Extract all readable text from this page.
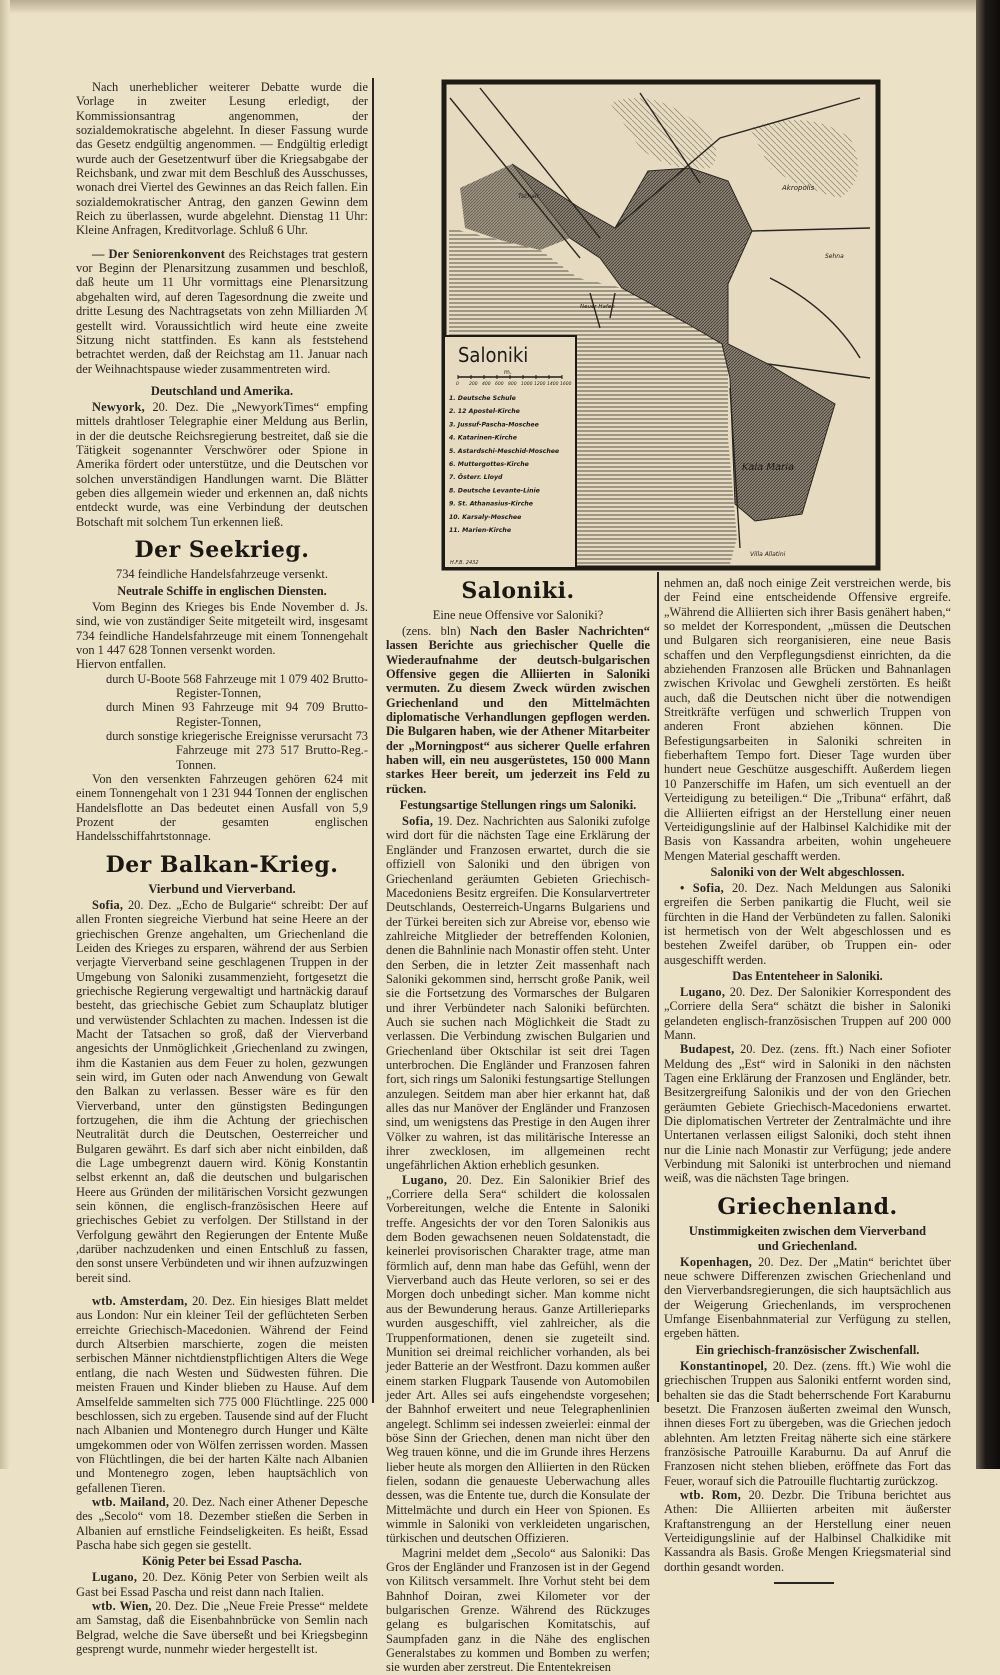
Nach unerheblicher weiterer Debatte wurde die Vorlage in zweiter Lesung erledigt, der Kommissionsantrag angenommen, der sozialdemokratische abgelehnt. In dieser Fassung wurde das Gesetz endgültig angenommen. — Endgültig erledigt wurde auch der Gesetzentwurf über die Kriegsabgabe der Reichsbank, und zwar mit dem Beschluß des Ausschusses, wonach drei Viertel des Gewinnes an das Reich fallen. Ein sozialdemokratischer Antrag, den ganzen Gewinn dem Reich zu überlassen, wurde abgelehnt. Dienstag 11 Uhr: Kleine Anfragen, Kreditvorlage. Schluß 6 Uhr.

— Der Seniorenkonvent des Reichstages trat gestern vor Beginn der Plenarsitzung zusammen und beschloß, daß heute um 11 Uhr vormittags eine Plenarsitzung abgehalten wird, auf deren Tagesordnung die zweite und dritte Lesung des Nachtragsetats von zehn Milliarden ℳ gestellt wird. Voraussichtlich wird heute eine zweite Sitzung nicht stattfinden. Es kann als feststehend betrachtet werden, daß der Reichstag am 11. Januar nach der Weihnachtspause wieder zusammentreten wird.

Deutschland und Amerika.

Newyork, 20. Dez. Die „NewyorkTimes“ empfing mittels drahtloser Telegraphie einer Meldung aus Berlin, in der die deutsche Reichsregierung bestreitet, daß sie die Tätigkeit sogenannter Verschwörer oder Spione in Amerika fördert oder unterstütze, und die Deutschen vor solchen unverständigen Handlungen warnt. Die Blätter geben dies allgemein wieder und erkennen an, daß nichts entdeckt wurde, was eine Verbindung der deutschen Botschaft mit solchem Tun erkennen ließ.

Der Seekrieg.
734 feindliche Handelsfahrzeuge versenkt.
Neutrale Schiffe in englischen Diensten.

Vom Beginn des Krieges bis Ende November d. Js. sind, wie von zuständiger Seite mitgeteilt wird, insgesamt 734 feindliche Handelsfahrzeuge mit einem Tonnengehalt von 1 447 628 Tonnen versenkt worden.

Hiervon entfallen.

durch U-Boote 568 Fahrzeuge mit 1 079 402 Brutto-Register-Tonnen,

durch Minen 93 Fahrzeuge mit 94 709 Brutto-Register-Tonnen,

durch sonstige kriegerische Ereignisse verursacht 73 Fahrzeuge mit 273 517 Brutto-Reg.-Tonnen.

Von den versenkten Fahrzeugen gehören 624 mit einem Tonnengehalt von 1 231 944 Tonnen der englischen Handelsflotte an Das bedeutet einen Ausfall von 5,9 Prozent der gesamten englischen Handelsschiffahrtstonnage.

Der Balkan-Krieg.
Vierbund und Vierverband.

Sofia, 20. Dez. „Echo de Bulgarie“ schreibt: Der auf allen Fronten siegreiche Vierbund hat seine Heere an der griechischen Grenze angehalten, um Griechenland die Leiden des Krieges zu ersparen, während der aus Serbien verjagte Vierverband seine geschlagenen Truppen in der Umgebung von Saloniki zusammenzieht, fortgesetzt die griechische Regierung vergewaltigt und hartnäckig darauf besteht, das griechische Gebiet zum Schauplatz blutiger und verwüstender Schlachten zu machen. Indessen ist die Macht der Tatsachen so groß, daß der Vierverband angesichts der Unmöglichkeit ,Griechenland zu zwingen, ihm die Kastanien aus dem Feuer zu holen, gezwungen sein wird, im Guten oder nach Anwendung von Gewalt den Balkan zu verlassen. Besser wäre es für den Vierverband, unter den günstigsten Bedingungen fortzugehen, die ihm die Achtung der griechischen Neutralität durch die Deutschen, Oesterreicher und Bulgaren gewährt. Es darf sich aber nicht einbilden, daß die Lage umbegrenzt dauern wird. König Konstantin selbst erkennt an, daß die deutschen und bulgarischen Heere aus Gründen der militärischen Vorsicht gezwungen sein können, die englisch-französischen Heere auf griechisches Gebiet zu verfolgen. Der Stillstand in der Verfolgung gewährt den Regierungen der Entente Muße ,darüber nachzudenken und einen Entschluß zu fassen, den sonst unsere Verbündeten und wir ihnen aufzuzwingen bereit sind.

wtb. Amsterdam, 20. Dez. Ein hiesiges Blatt meldet aus London: Nur ein kleiner Teil der geflüchteten Serben erreichte Griechisch-Macedonien. Während der Feind durch Altserbien marschierte, zogen die meisten serbischen Männer nichtdienstpflichtigen Alters die Wege entlang, die nach Westen und Südwesten führen. Die meisten Frauen und Kinder blieben zu Hause. Auf dem Amselfelde sammelten sich 775 000 Flüchtlinge. 225 000 beschlossen, sich zu ergeben. Tausende sind auf der Flucht nach Albanien und Montenegro durch Hunger und Kälte umgekommen oder von Wölfen zerrissen worden. Massen von Flüchtlingen, die bei der harten Kälte nach Albanien und Montenegro zogen, leben hauptsächlich von gefallenen Tieren.

wtb. Mailand, 20. Dez. Nach einer Athener Depesche des „Secolo“ vom 18. Dezember stießen die Serben in Albanien auf ernstliche Feindseligkeiten. Es heißt, Essad Pascha habe sich gegen sie gestellt.

König Peter bei Essad Pascha.

Lugano, 20. Dez. König Peter von Serbien weilt als Gast bei Essad Pascha und reist dann nach Italien.

wtb. Wien, 20. Dez. Die „Neue Freie Presse“ meldete am Samstag, daß die Eisenbahnbrücke von Semlin nach Belgrad, welche die Save überseßt und bei Kriegsbeginn gesprengt wurde, nunmehr wieder hergestellt ist.

Saloniki
m.
0 200 400 600 800 1000 1200 1400 1600
1. Deutsche Schule
2. 12 Apostel-Kirche
3. Jussuf-Pascha-Moschee
4. Katarinen-Kirche
5. Astardschi-Meschid-Moschee
6. Muttergottes-Kirche
7. Österr. Lloyd
8. Deutsche Levante-Linie
9. St. Athanasius-Kirche
10. Karsaly-Moschee
11. Marien-Kirche
Kala Maria
Akropolis
Sehna
Villa Allatini
Neuer Hafen
Tschair
H.F.B. 2432
Saloniki.
Eine neue Offensive vor Saloniki?

(zens. bln) Nach den Basler Nachrichten“ lassen Berichte aus griechischer Quelle die Wiederaufnahme der deutsch-bulgarischen Offensive gegen die Alliierten in Saloniki vermuten. Zu diesem Zweck würden zwischen Griechenland und den Mittelmächten diplomatische Verhandlungen gepflogen werden. Die Bulgaren haben, wie der Athener Mitarbeiter der „Morningpost“ aus sicherer Quelle erfahren haben will, ein neu ausgerüstetes, 150 000 Mann starkes Heer bereit, um jederzeit ins Feld zu rücken.

Festungsartige Stellungen rings um Saloniki.

Sofia, 19. Dez. Nachrichten aus Saloniki zufolge wird dort für die nächsten Tage eine Erklärung der Engländer und Franzosen erwartet, durch die sie offiziell von Saloniki und den übrigen von Griechenland geräumten Gebieten Griechisch-Macedoniens Besitz ergreifen. Die Konsularvertreter Deutschlands, Oesterreich-Ungarns Bulgariens und der Türkei bereiten sich zur Abreise vor, ebenso wie zahlreiche Mitglieder der betreffenden Kolonien, denen die Bahnlinie nach Monastir offen steht. Unter den Serben, die in letzter Zeit massenhaft nach Saloniki gekommen sind, herrscht große Panik, weil sie die Fortsetzung des Vormarsches der Bulgaren und ihrer Verbündeter nach Saloniki befürchten. Auch sie suchen nach Möglichkeit die Stadt zu verlassen. Die Verbindung zwischen Bulgarien und Griechenland über Oktschilar ist seit drei Tagen unterbrochen. Die Engländer und Franzosen fahren fort, sich rings um Saloniki festungsartige Stellungen anzulegen. Seitdem man aber hier erkannt hat, daß alles das nur Manöver der Engländer und Franzosen sind, um wenigstens das Prestige in den Augen ihrer Völker zu wahren, ist das militärische Interesse an ihrer zwecklosen, im allgemeinen recht ungefährlichen Aktion erheblich gesunken.

Lugano, 20. Dez. Ein Salonikier Brief des „Corriere della Sera“ schildert die kolossalen Vorbereitungen, welche die Entente in Saloniki treffe. Angesichts der vor den Toren Salonikis aus dem Boden gewachsenen neuen Soldatenstadt, die keinerlei provisorischen Charakter trage, atme man förmlich auf, denn man habe das Gefühl, wenn der Vierverband auch das Heute verloren, so sei er des Morgen doch unbedingt sicher. Man komme nicht aus der Bewunderung heraus. Ganze Artillerieparks wurden ausgeschifft, viel zahlreicher, als die Truppenformationen, denen sie zugeteilt sind. Munition sei dreimal reichlicher vorhanden, als bei jeder Batterie an der Westfront. Dazu kommen außer einem starken Flugpark Tausende von Automobilen jeder Art. Alles sei aufs eingehendste vorgesehen; der Bahnhof erweitert und neue Telegraphenlinien angelegt. Schlimm sei indessen zweierlei: einmal der böse Sinn der Griechen, denen man nicht über den Weg trauen könne, und die im Grunde ihres Herzens lieber heute als morgen den Alliierten in den Rücken fielen, sodann die genaueste Ueberwachung alles dessen, was die Entente tue, durch die Konsulate der Mittelmächte und durch ein Heer von Spionen. Es wimmle in Saloniki von verkleideten ungarischen, türkischen und deutschen Offizieren.

Magrini meldet dem „Secolo“ aus Saloniki: Das Gros der Engländer und Franzosen ist in der Gegend von Kilitsch versammelt. Ihre Vorhut steht bei dem Bahnhof Doiran, zwei Kilometer vor der bulgarischen Grenze. Während des Rückzuges gelang es bulgarischen Komitatschis, auf Saumpfaden ganz in die Nähe des englischen Generalstabes zu kommen und Bomben zu werfen; sie wurden aber zerstreut. Die Ententekreisen

nehmen an, daß noch einige Zeit verstreichen werde, bis der Feind eine entscheidende Offensive ergreife. „Während die Alliierten sich ihrer Basis genähert haben,“ so meldet der Korrespondent, „müssen die Deutschen und Bulgaren sich reorganisieren, eine neue Basis schaffen und den Verpflegungsdienst einrichten, da die abziehenden Franzosen alle Brücken und Bahnanlagen zwischen Krivolac und Gewgheli zerstörten. Es heißt auch, daß die Deutschen nicht über die notwendigen Streitkräfte verfügen und schwerlich Truppen von anderen Front abziehen können. Die Befestigungsarbeiten in Saloniki schreiten in fieberhaftem Tempo fort. Dieser Tage wurden über hundert neue Geschütze ausgeschifft. Außerdem liegen 10 Panzerschiffe im Hafen, um sich eventuell an der Verteidigung zu beteiligen.“ Die „Tribuna“ erfährt, daß die Alliierten eifrigst an der Herstellung einer neuen Verteidigungslinie auf der Halbinsel Kalchidike mit der Basis von Kassandra arbeiten, wohin ungeheuere Mengen Material geschafft werden.

Saloniki von der Welt abgeschlossen.

• Sofia, 20. Dez. Nach Meldungen aus Saloniki ergreifen die Serben panikartig die Flucht, weil sie fürchten in die Hand der Verbündeten zu fallen. Saloniki ist hermetisch von der Welt abgeschlossen und es bestehen Zweifel darüber, ob Truppen ein- oder ausgeschifft werden.

Das Ententeheer in Saloniki.

Lugano, 20. Dez. Der Salonikier Korrespondent des „Corriere della Sera“ schätzt die bisher in Saloniki gelandeten englisch-französischen Truppen auf 200 000 Mann.

Budapest, 20. Dez. (zens. fft.) Nach einer Sofioter Meldung des „Est“ wird in Saloniki in den nächsten Tagen eine Erklärung der Franzosen und Engländer, betr. Besitzergreifung Salonikis und der von den Griechen geräumten Gebiete Griechisch-Macedoniens erwartet. Die diplomatischen Vertreter der Zentralmächte und ihre Untertanen verlassen eiligst Saloniki, doch steht ihnen nur die Linie nach Monastir zur Verfügung; jede andere Verbindung mit Saloniki ist unterbrochen und niemand weiß, was die nächsten Tage bringen.

Griechenland.
Unstimmigkeiten zwischen dem Vierverband und Griechenland.

Kopenhagen, 20. Dez. Der „Matin“ berichtet über neue schwere Differenzen zwischen Griechenland und den Vierverbandsregierungen, die sich hauptsächlich aus der Weigerung Griechenlands, im versprochenen Umfange Eisenbahnmaterial zur Verfügung zu stellen, ergeben hätten.

Ein griechisch-französischer Zwischenfall.

Konstantinopel, 20. Dez. (zens. fft.) Wie wohl die griechischen Truppen aus Saloniki entfernt worden sind, behalten sie das die Stadt beherrschende Fort Karaburnu besetzt. Die Franzosen äußerten zweimal den Wunsch, ihnen dieses Fort zu übergeben, was die Griechen jedoch ablehnten. Am letzten Freitag näherte sich eine stärkere französische Patrouille Karaburnu. Da auf Anruf die Franzosen nicht stehen blieben, eröffnete das Fort das Feuer, worauf sich die Patrouille fluchtartig zurückzog.

wtb. Rom, 20. Dezbr. Die Tribuna berichtet aus Athen: Die Alliierten arbeiten mit äußerster Kraftanstrengung an der Herstellung einer neuen Verteidigungslinie auf der Halbinsel Chalkidike mit Kassandra als Basis. Große Mengen Kriegsmaterial sind dorthin gesandt worden.
